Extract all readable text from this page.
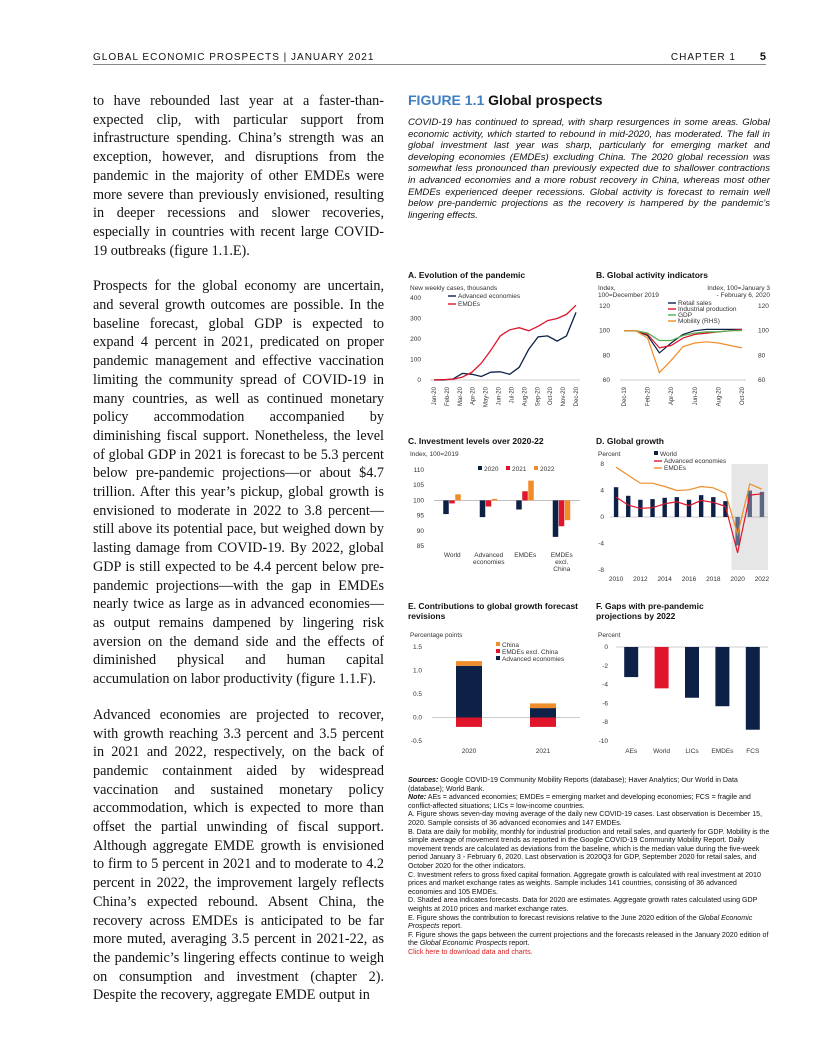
GLOBAL ECONOMIC PROSPECTS | JANUARY 2021	CHAPTER 1 5

to have rebounded last year at a faster-than-expected clip, with particular support from infrastructure spending. China’s strength was an exception, however, and disruptions from the pandemic in the majority of other EMDEs were more severe than previously envisioned, resulting in deeper recessions and slower recoveries, especially in countries with recent large COVID-19 outbreaks (figure 1.1.E).

Prospects for the global economy are uncertain, and several growth outcomes are possible. In the baseline forecast, global GDP is expected to expand 4 percent in 2021, predicated on proper pandemic management and effective vaccination limiting the community spread of COVID-19 in many countries, as well as continued monetary policy accommodation accompanied by diminishing fiscal support. Nonetheless, the level of global GDP in 2021 is forecast to be 5.3 percent below pre-pandemic projections—or about $4.7 trillion. After this year’s pickup, global growth is envisioned to moderate in 2022 to 3.8 percent—still above its potential pace, but weighed down by lasting damage from COVID-19. By 2022, global GDP is still expected to be 4.4 percent below pre-pandemic projections—with the gap in EMDEs nearly twice as large as in advanced economies—as output remains dampened by lingering risk aversion on the demand side and the effects of diminished physical and human capital accumulation on labor productivity (figure 1.1.F).

Advanced economies are projected to recover, with growth reaching 3.3 percent and 3.5 percent in 2021 and 2022, respectively, on the back of pandemic containment aided by widespread vaccination and sustained monetary policy accommodation, which is expected to more than offset the partial unwinding of fiscal support. Although aggregate EMDE growth is envisioned to firm to 5 percent in 2021 and to moderate to 4.2 percent in 2022, the improvement largely reflects China’s expected rebound. Absent China, the recovery across EMDEs is anticipated to be far more muted, averaging 3.5 percent in 2021-22, as the pandemic’s lingering effects continue to weigh on consumption and investment (chapter 2). Despite the recovery, aggregate EMDE output in

FIGURE 1.1 Global prospects

COVID-19 has continued to spread, with sharp resurgences in some areas. Global economic activity, which started to rebound in mid-2020, has moderated. The fall in global investment last year was sharp, particularly for emerging market and developing economies (EMDEs) excluding China. The 2020 global recession was somewhat less pronounced than previously expected due to shallower contractions in advanced economies and a more robust recovery in China, whereas most other EMDEs experienced deeper recessions. Global activity is forecast to remain well below pre-pandemic projections as the recovery is hampered by the pandemic’s lingering effects.

A. Evolution of the pandemic
New weekly cases, thousands
0
100
200
300
400
Jan-20 Feb-20 Mar-20 Apr-20 May-20 Jun-20 Jul-20 Aug-20 Sep-20 Oct-20 Nov-20 Dec-20
Advanced economies
EMDEs
B. Global activity indicators
Index,
100=December 2019
Index, 100=January 3
- February 6, 2020
60
80
100
120
60
80
100
120
Dec-19	Feb-20	Apr-20	Jun-20	Aug-20	Oct-20
Retail sales
Industrial production
GDP
Mobility (RHS)
C. Investment levels over 2020-22
Index, 100=2019
85
90
95
100
105
110
World Advanced
economies
EMDEs EMDEs
excl.
China
2020 2021 2022
D. Global growth
Percent
-8
-4
0
4
8
2010 2012 2014 2016 2018 2020 2022
World
Advanced economies
EMDEs
E. Contributions to global growth forecast revisions
Percentage points
-0.5
0.0
0.5
1.0
1.5
2020	2021
China
EMDEs excl. China
Advanced economies
F. Gaps with pre-pandemic projections by 2022
Percent
-10
-8
-6
-4
-2
0
AEs World LICs EMDEs FCS

Sources: Google COVID-19 Community Mobility Reports (database); Haver Analytics; Our World in Data (database); World Bank.

Note: AEs = advanced economies; EMDEs = emerging market and developing economies; FCS = fragile and conflict-affected situations; LICs = low-income countries.

A. Figure shows seven-day moving average of the daily new COVID-19 cases. Last observation is December 15, 2020. Sample consists of 36 advanced economies and 147 EMDEs.

B. Data are daily for mobility, monthly for industrial production and retail sales, and quarterly for GDP. Mobility is the simple average of movement trends as reported in the Google COVID-19 Community Mobility Report. Daily movement trends are calculated as deviations from the baseline, which is the median value during the five-week period January 3 - February 6, 2020. Last observation is 2020Q3 for GDP, September 2020 for retail sales, and October 2020 for the other indicators.

C. Investment refers to gross fixed capital formation. Aggregate growth is calculated with real investment at 2010 prices and market exchange rates as weights. Sample includes 141 countries, consisting of 36 advanced economies and 105 EMDEs.

D. Shaded area indicates forecasts. Data for 2020 are estimates. Aggregate growth rates calculated using GDP weights at 2010 prices and market exchange rates.

E. Figure shows the contribution to forecast revisions relative to the June 2020 edition of the Global Economic Prospects report.

F. Figure shows the gaps between the current projections and the forecasts released in the January 2020 edition of the Global Economic Prospects report.

Click here to download data and charts.
